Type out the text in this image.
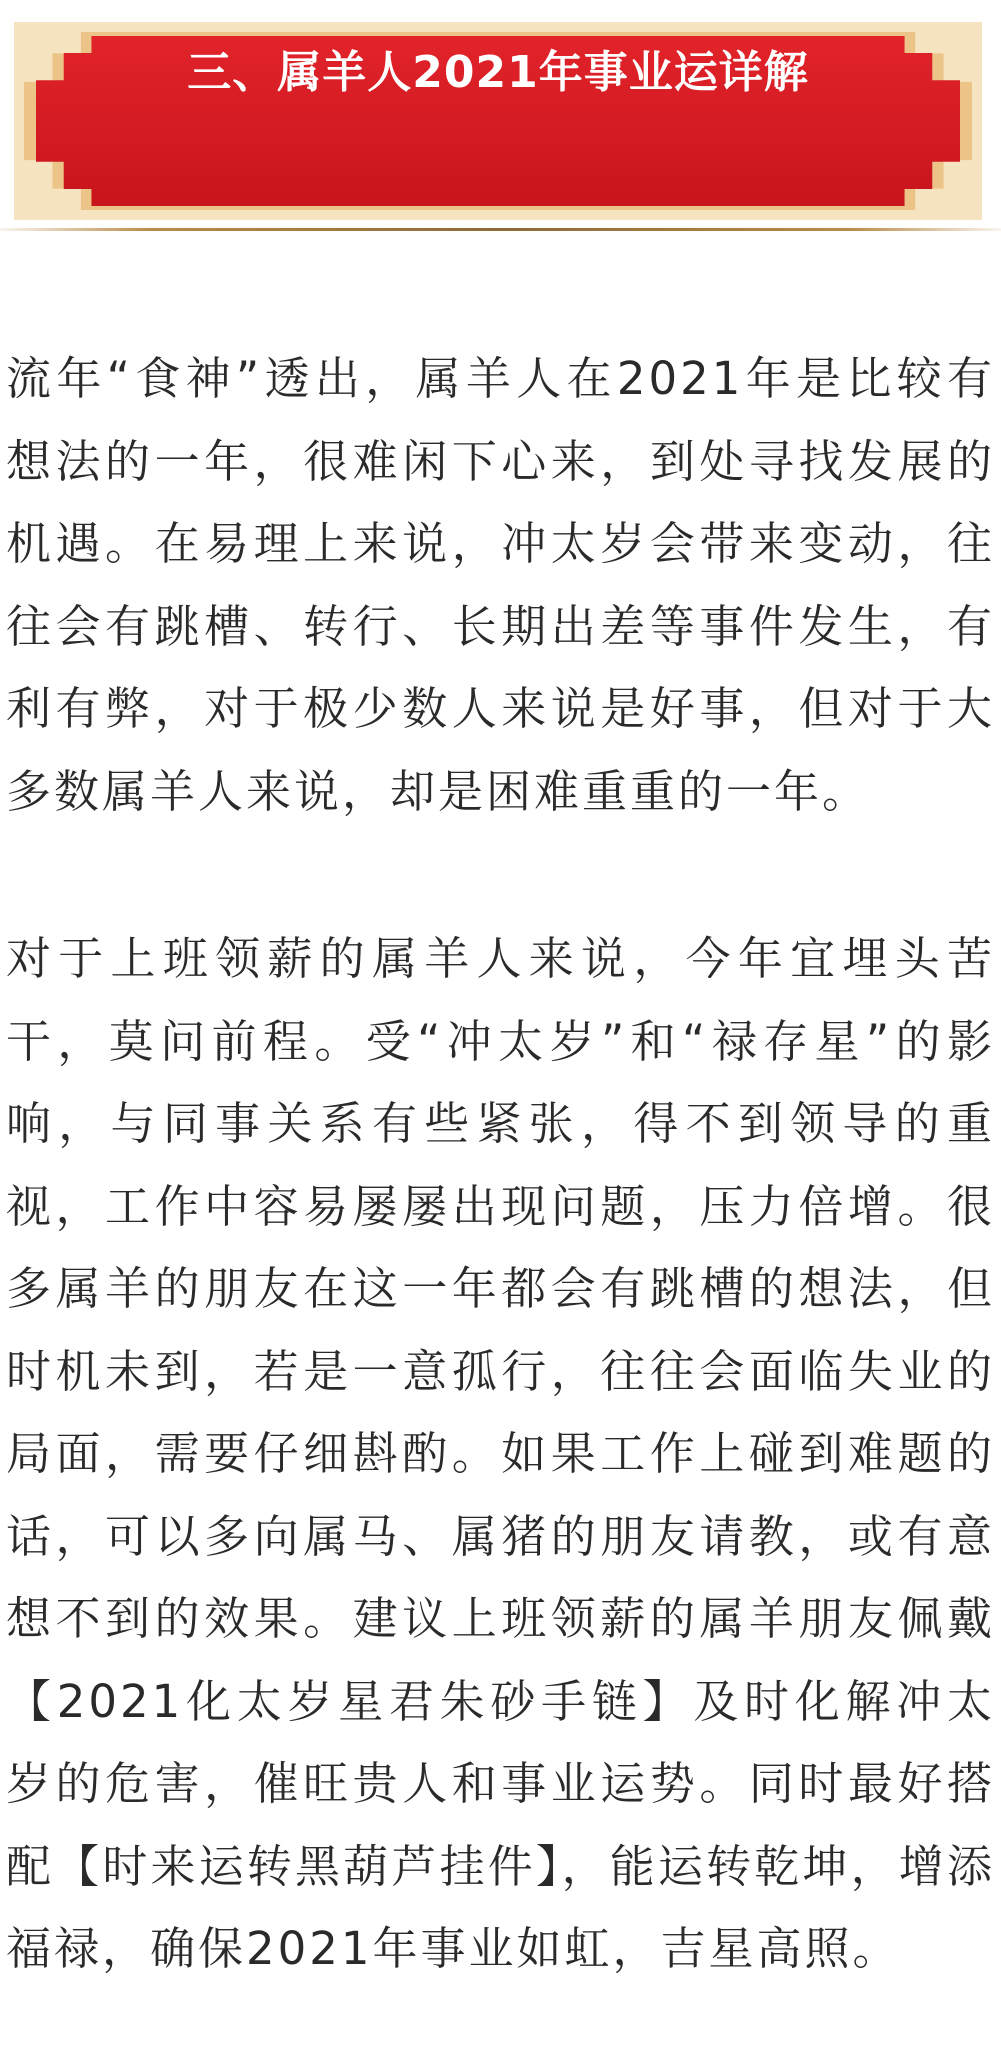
三、属羊人2021年事业运详解

流年“食神”透出，属羊人在2021年是比较有想法的一年，很难闲下心来，到处寻找发展的机遇。在易理上来说，冲太岁会带来变动，往往会有跳槽、转行、长期出差等事件发生，有利有弊，对于极少数人来说是好事，但对于大多数属羊人来说，却是困难重重的一年。

对于上班领薪的属羊人来说，今年宜埋头苦干，莫问前程。受“冲太岁”和“禄存星”的影响，与同事关系有些紧张，得不到领导的重视，工作中容易屡屡出现问题，压力倍增。很多属羊的朋友在这一年都会有跳槽的想法，但时机未到，若是一意孤行，往往会面临失业的局面，需要仔细斟酌。如果工作上碰到难题的话，可以多向属马、属猪的朋友请教，或有意想不到的效果。建议上班领薪的属羊朋友佩戴【2021化太岁星君朱砂手链】及时化解冲太岁的危害，催旺贵人和事业运势。同时最好搭配【时来运转黑葫芦挂件】，能运转乾坤，增添福禄，确保2021年事业如虹，吉星高照。
